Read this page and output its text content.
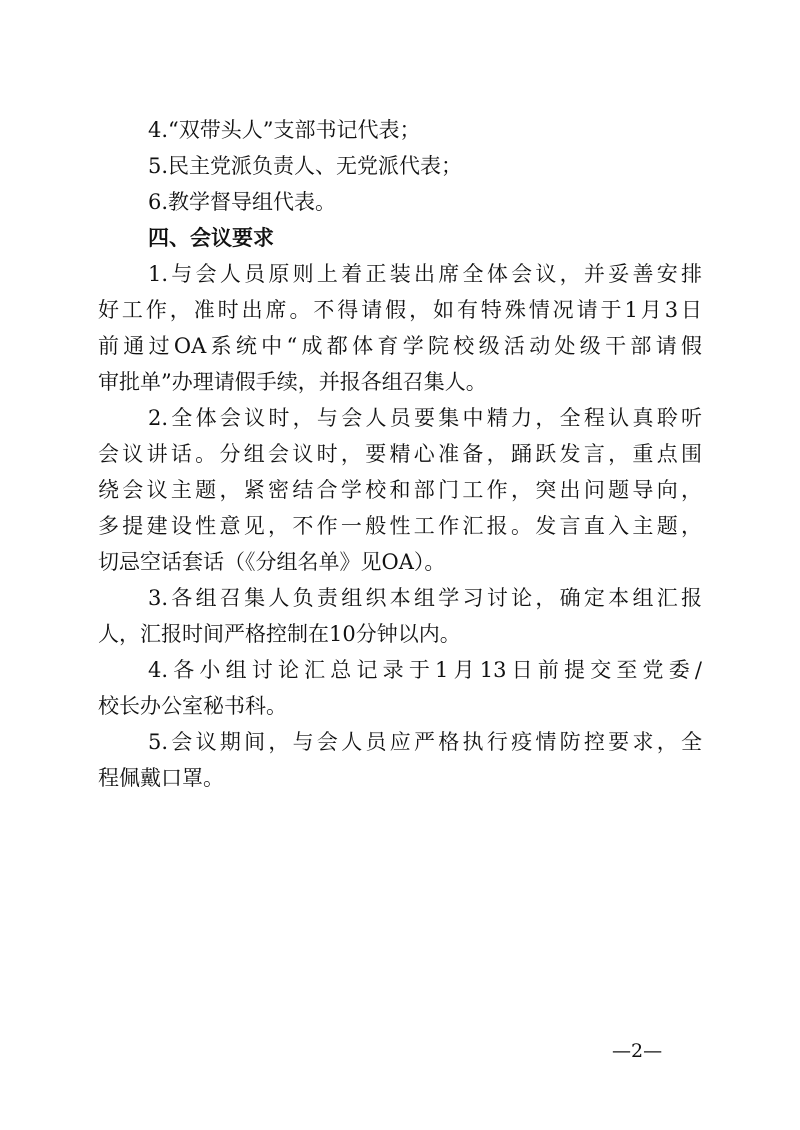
4.“双带头人”支部书记代表；
5.民主党派负责人、无党派代表；
6.教学督导组代表。
四、会议要求
1.与会人员原则上着正装出席全体会议，并妥善安排
好工作，准时出席。不得请假，如有特殊情况请于1月3日
前通过OA系统中“成都体育学院校级活动处级干部请假
审批单”办理请假手续，并报各组召集人。
2.全体会议时，与会人员要集中精力，全程认真聆听
会议讲话。分组会议时，要精心准备，踊跃发言，重点围
绕会议主题，紧密结合学校和部门工作，突出问题导向，
多提建设性意见，不作一般性工作汇报。发言直入主题，
切忌空话套话（《分组名单》见OA）。
3.各组召集人负责组织本组学习讨论，确定本组汇报
人，汇报时间严格控制在10分钟以内。
4.各小组讨论汇总记录于1月13日前提交至党委/
校长办公室秘书科。
5.会议期间，与会人员应严格执行疫情防控要求，全
程佩戴口罩。
—2—
